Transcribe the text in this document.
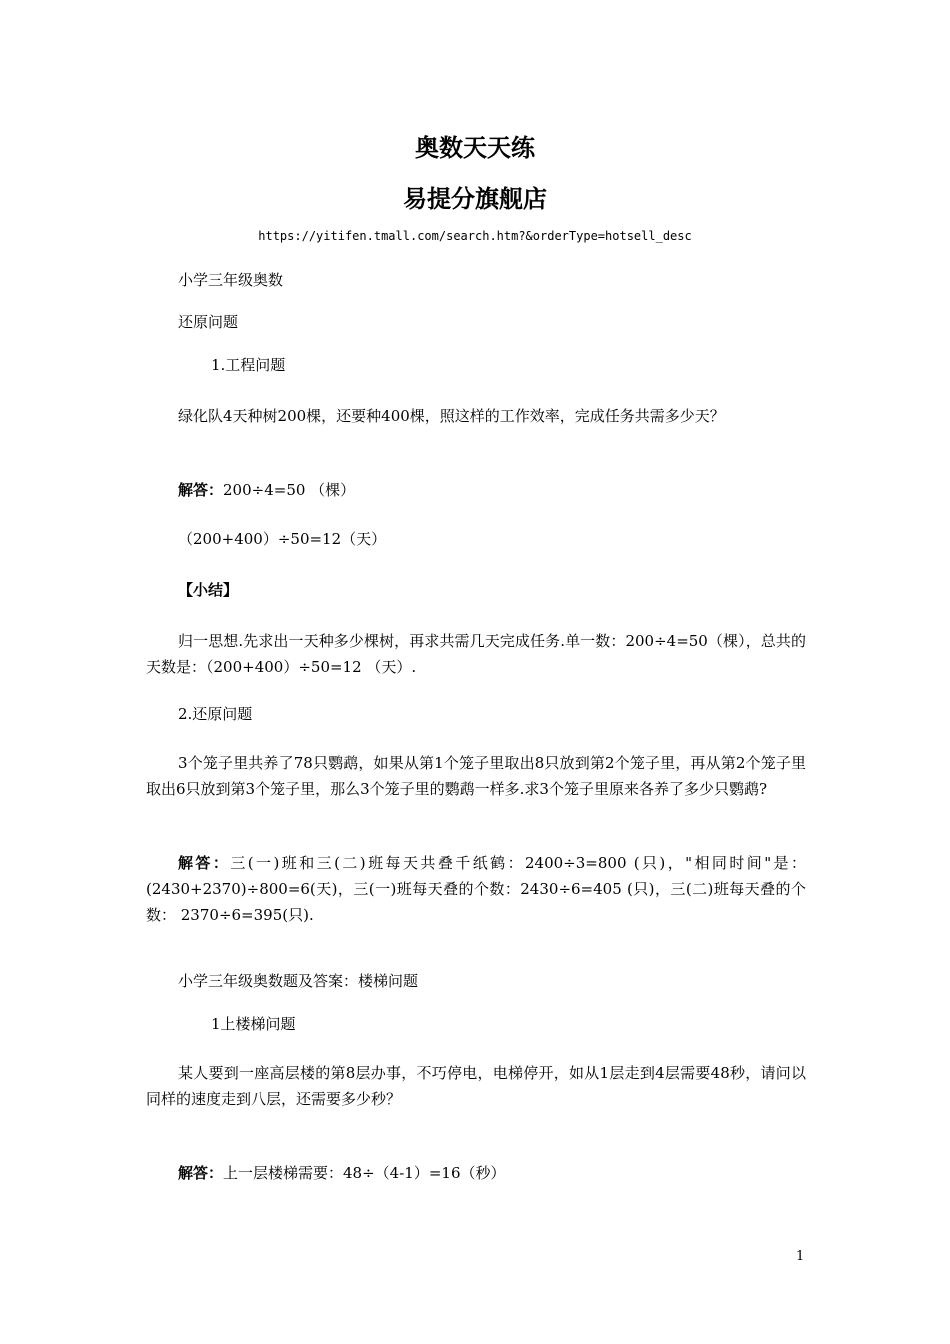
奥数天天练
易提分旗舰店
https://yitifen.tmall.com/search.htm?&orderType=hotsell_desc
小学三年级奥数
还原问题
1.工程问题
绿化队4天种树200棵，还要种400棵，照这样的工作效率，完成任务共需多少天？
解答：200÷4=50 （棵）
（200+400）÷50=12（天）
【小结】
归一思想.先求出一天种多少棵树，再求共需几天完成任务.单一数：200÷4=50（棵），总共的天数是：（200+400）÷50=12 （天）.
2.还原问题
3个笼子里共养了78只鹦鹉，如果从第1个笼子里取出8只放到第2个笼子里，再从第2个笼子里取出6只放到第3个笼子里，那么3个笼子里的鹦鹉一样多.求3个笼子里原来各养了多少只鹦鹉?
解答：三(一)班和三(二)班每天共叠千纸鹤：2400÷3=800 (只)，"相同时间"是：(2430+2370)÷800=6(天)，三(一)班每天叠的个数：2430÷6=405 (只)，三(二)班每天叠的个数： 2370÷6=395(只).
小学三年级奥数题及答案：楼梯问题
1上楼梯问题
某人要到一座高层楼的第8层办事，不巧停电，电梯停开，如从1层走到4层需要48秒，请问以同样的速度走到八层，还需要多少秒？
解答：上一层楼梯需要：48÷（4-1）=16（秒）
1
